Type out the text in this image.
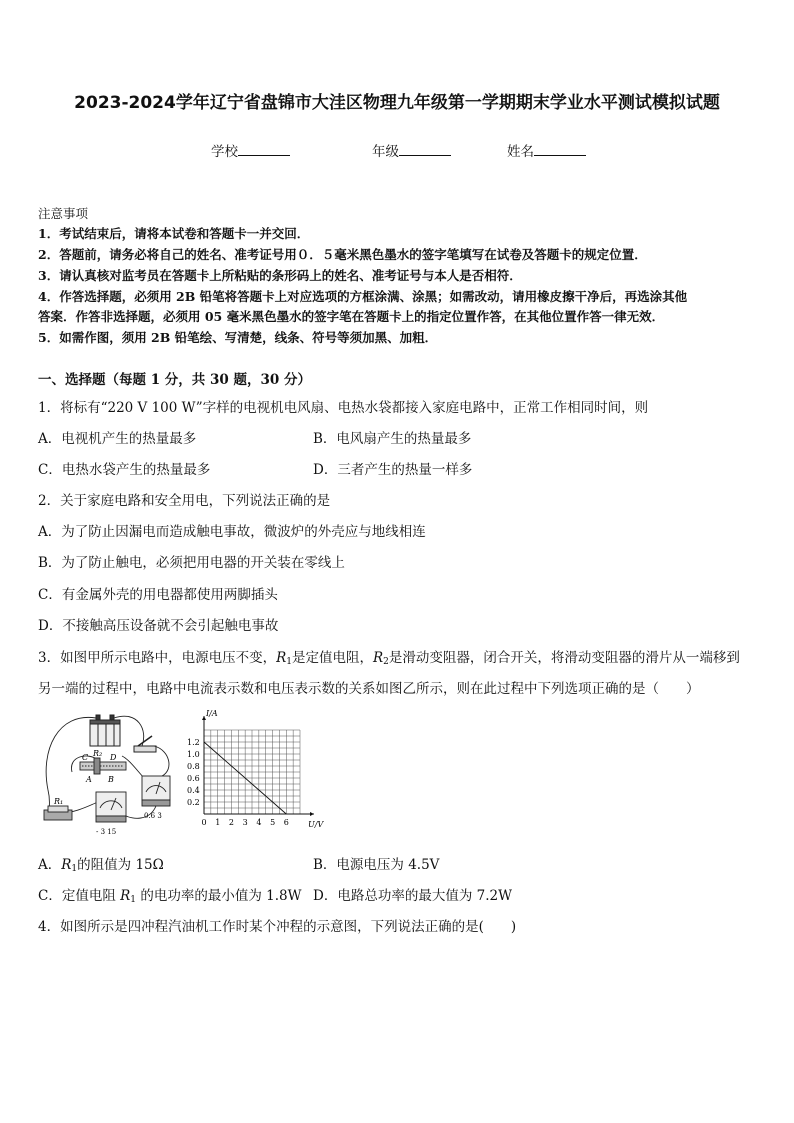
2023-2024学年辽宁省盘锦市大洼区物理九年级第一学期期末学业水平测试模拟试题
学校	年级	姓名
注意事项
1．考试结束后，请将本试卷和答题卡一并交回．
2．答题前，请务必将自己的姓名、准考证号用０．５毫米黑色墨水的签字笔填写在试卷及答题卡的规定位置．
3．请认真核对监考员在答题卡上所粘贴的条形码上的姓名、准考证号与本人是否相符．
4．作答选择题，必须用 2B 铅笔将答题卡上对应选项的方框涂满、涂黑；如需改动，请用橡皮擦干净后，再选涂其他
答案．作答非选择题，必须用 05 毫米黑色墨水的签字笔在答题卡上的指定位置作答，在其他位置作答一律无效．
5．如需作图，须用 2B 铅笔绘、写清楚，线条、符号等须加黑、加粗．
一、选择题（每题 1 分，共 30 题，30 分）
1．将标有“220 V 100 W”字样的电视机电风扇、电热水袋都接入家庭电路中，正常工作相同时间，则
A．电视机产生的热量最多	B．电风扇产生的热量最多
C．电热水袋产生的热量最多	D．三者产生的热量一样多
2．关于家庭电路和安全用电，下列说法正确的是
A．为了防止因漏电而造成触电事故，微波炉的外壳应与地线相连
B．为了防止触电，必须把用电器的开关装在零线上
C．有金属外壳的用电器都使用两脚插头
D．不接触高压设备就不会引起触电事故
3．如图甲所示电路中，电源电压不变，$R_1$是定值电阻，$R_2$是滑动变阻器，闭合开关，将滑动变阻器的滑片从一端移到
另一端的过程中，电路中电流表示数和电压表示数的关系如图乙所示，则在此过程中下列选项正确的是（　　）
C R₂ D
A B
R₁
- 3 15
0.6 3
0 1 2 3 4 5 6
0.2
0.4
0.6
0.8
1.0
1.2
I/A
U/V
A．$R_1$的阻值为 15Ω	B．电源电压为 4.5V
C．定值电阻 $R_1$ 的电功率的最小值为 1.8W D．电路总功率的最大值为 7.2W
4．如图所示是四冲程汽油机工作时某个冲程的示意图，下列说法正确的是(　　)
